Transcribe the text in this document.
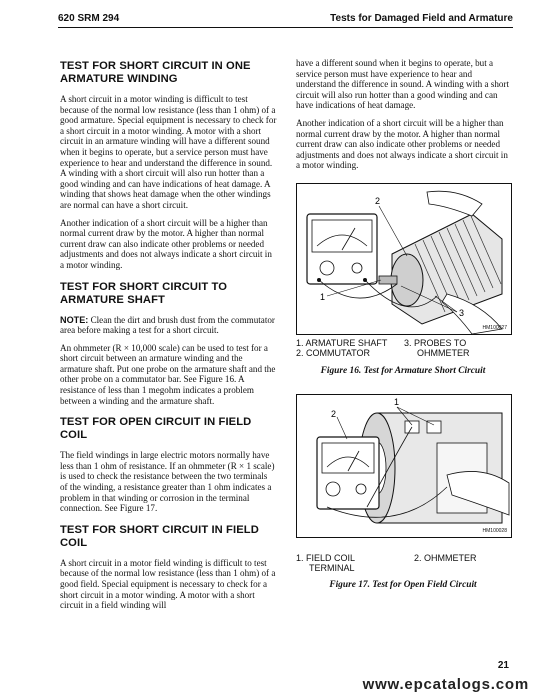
620 SRM 294	Tests for Damaged Field and Armature
TEST FOR SHORT CIRCUIT IN ONE ARMATURE WINDING

A short circuit in a motor winding is difficult to test because of the normal low resistance (less than 1 ohm) of a good armature. Special equipment is necessary to check for a short circuit in a motor winding. A motor with a short circuit in an armature winding will have a different sound when it begins to operate, but a service person must have experience to hear and understand the difference in sound. A winding with a short circuit will also run hotter than a good winding and can have indications of heat damage. A winding that shows heat damage when the other windings are normal can have a short circuit.

Another indication of a short circuit will be a higher than normal current draw by the motor. A higher than normal current draw can also indicate other problems or needed adjustments and does not always indicate a short circuit in a motor winding.

TEST FOR SHORT CIRCUIT TO ARMATURE SHAFT

NOTE: Clean the dirt and brush dust from the commutator area before making a test for a short circuit.

An ohmmeter (R × 10,000 scale) can be used to test for a short circuit between an armature winding and the armature shaft. Put one probe on the armature shaft and the other probe on a commutator bar. See Figure 16. A resistance of less than 1 megohm indicates a problem between a winding and the armature shaft.

TEST FOR OPEN CIRCUIT IN FIELD COIL

The field windings in large electric motors normally have less than 1 ohm of resistance. If an ohmmeter (R × 1 scale) is used to check the resistance between the two terminals of the winding, a resistance greater than 1 ohm indicates a problem in that winding or corrosion in the terminal connection. See Figure 17.

TEST FOR SHORT CIRCUIT IN FIELD COIL

A short circuit in a motor field winding is difficult to test because of the normal low resistance (less than 1 ohm) of a good field. Special equipment is necessary to check for a short circuit in a motor winding. A motor with a short circuit in a field winding will

have a different sound when it begins to operate, but a service person must have experience to hear and understand the difference in sound. A winding with a short circuit will also run hotter than a good winding and can have indications of heat damage.

Another indication of a short circuit will be a higher than normal current draw by the motor. A higher than normal current draw can also indicate other problems or needed adjustments and does not always indicate a short circuit in a motor winding.

2
1
3
HM100027
1. ARMATURE SHAFT
2. COMMUTATOR
3. PROBES TO
OHMMETER
Figure 16. Test for Armature Short Circuit
1
2
HM100028
1. FIELD COIL
TERMINAL
2. OHMMETER
Figure 17. Test for Open Field Circuit
21
www.epcatalogs.com
